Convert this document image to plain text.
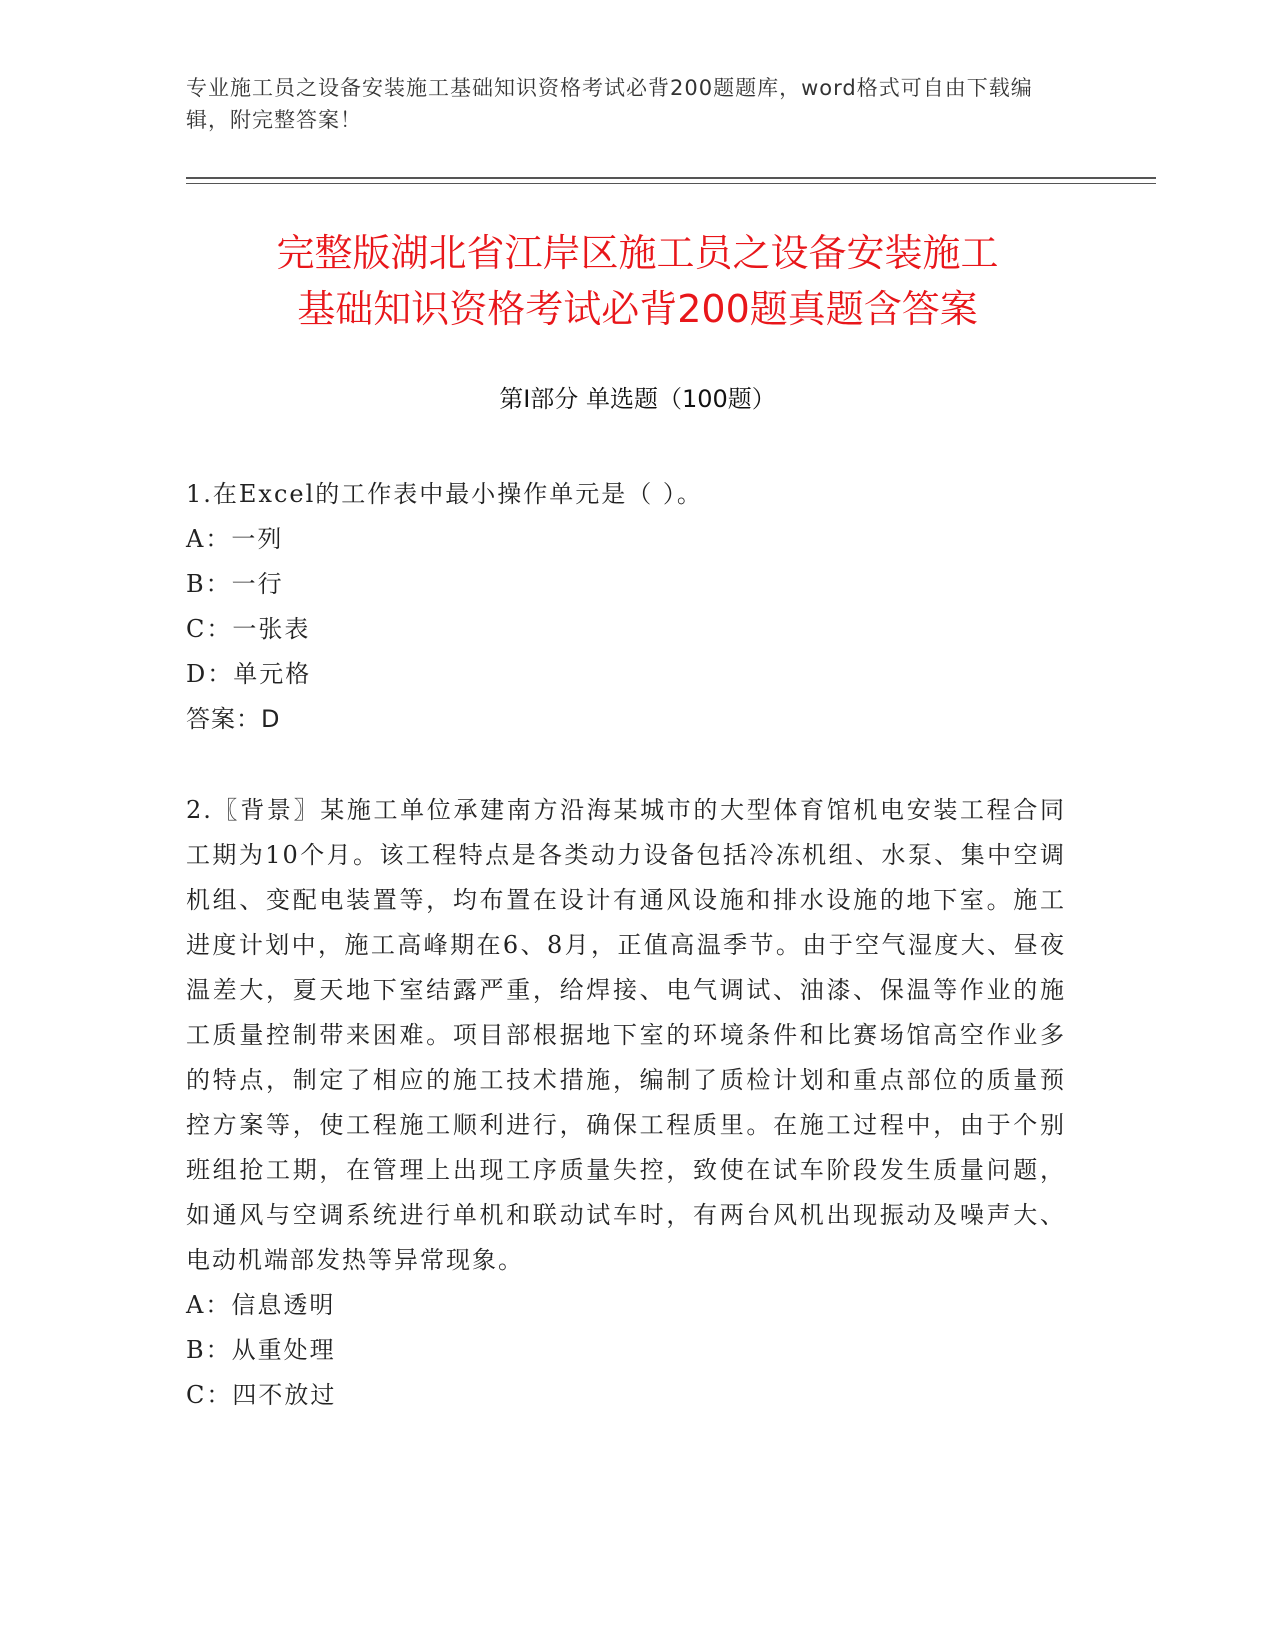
专业施工员之设备安装施工基础知识资格考试必背200题题库，word格式可自由下载编辑，附完整答案！
完整版湖北省江岸区施工员之设备安装施工
基础知识资格考试必背200题真题含答案
第Ⅰ部分 单选题（100题）
1.在Excel的工作表中最小操作单元是（ ）。
A：一列
B：一行
C：一张表
D：单元格
答案：D
2.〖背景〗某施工单位承建南方沿海某城市的大型体育馆机电安装工程合同工期为10个月。该工程特点是各类动力设备包括冷冻机组、水泵、集中空调机组、变配电装置等，均布置在设计有通风设施和排水设施的地下室。施工进度计划中，施工高峰期在6、8月，正值高温季节。由于空气湿度大、昼夜温差大，夏天地下室结露严重，给焊接、电气调试、油漆、保温等作业的施工质量控制带来困难。项目部根据地下室的环境条件和比赛场馆高空作业多的特点，制定了相应的施工技术措施，编制了质检计划和重点部位的质量预控方案等，使工程施工顺利进行，确保工程质里。在施工过程中，由于个别班组抢工期，在管理上出现工序质量失控，致使在试车阶段发生质量问题，如通风与空调系统进行单机和联动试车时，有两台风机出现振动及噪声大、电动机端部发热等异常现象。
A：信息透明
B：从重处理
C：四不放过
